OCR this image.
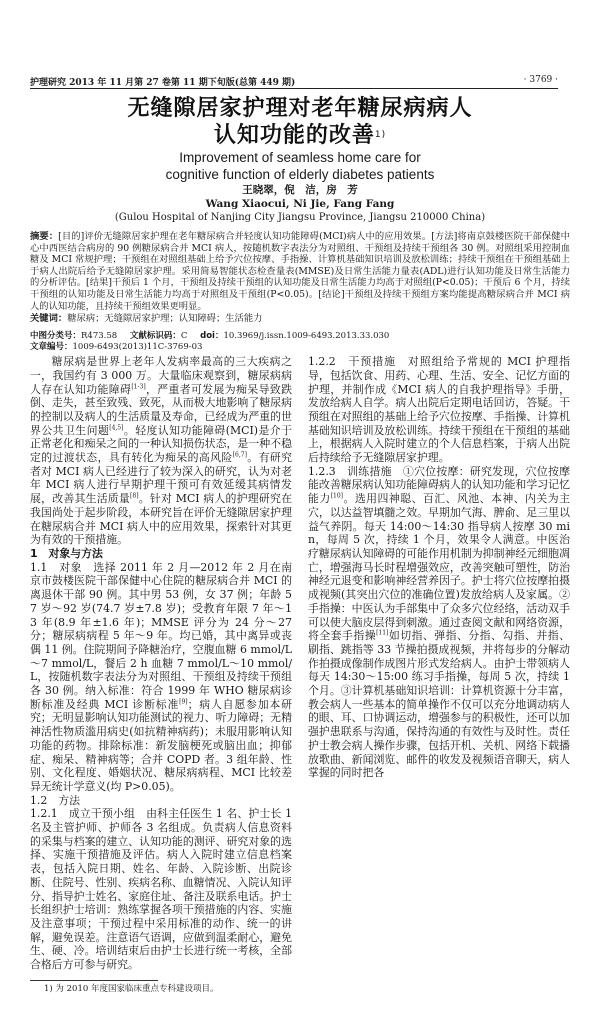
护理研究 2013 年 11 月第 27 卷第 11 期下旬版(总第 449 期)	· 3769 ·
无缝隙居家护理对老年糖尿病病人
认知功能的改善$^{1)}$
Improvement of seamless home care for
cognitive function of elderly diabetes patients
王晓翠，倪　洁，房　芳
Wang Xiaocui, Ni Jie, Fang Fang
(Gulou Hospital of Nanjing City Jiangsu Province, Jiangsu 210000 China)
摘要：[目的]评价无缝隙居家护理在老年糖尿病合并轻度认知功能障碍(MCI)病人中的应用效果。[方法]将南京鼓楼医院干部保健中心中西医结合病房的 90 例糖尿病合并 MCI 病人，按随机数字表法分为对照组、干预组及持续干预组各 30 例。对照组采用控制血糖及 MCI 常规护理；干预组在对照组基础上给予穴位按摩、手指操、计算机基础知识培训及放松训练；持续干预组在干预组基础上于病人出院后给予无缝隙居家护理。采用简易智能状态检查量表(MMSE)及日常生活能力量表(ADL)进行认知功能及日常生活能力的分析评估。[结果]干预后 1 个月，干预组及持续干预组的认知功能及日常生活能力均高于对照组(P<0.05)；干预后 6 个月，持续干预组的认知功能及日常生活能力均高于对照组及干预组(P<0.05)。[结论]干预组及持续干预组方案均能提高糖尿病合并 MCI 病人的认知功能，且持续干预组效果更明显。
关键词：糖尿病；无缝隙居家护理；认知障碍；生活能力
中图分类号：R473.58 文献标识码：C doi：10.3969/j.issn.1009-6493.2013.33.030 文章编号：1009-6493(2013)11C-3769-03

糖尿病是世界上老年人发病率最高的三大疾病之一，我国约有 3 000 万。大量临床观察到，糖尿病病人存在认知功能障碍[1-3]，严重者可发展为痴呆导致跌倒、走失，甚至致残、致死，从而极大地影响了糖尿病的控制以及病人的生活质量及寿命，已经成为严重的世界公共卫生问题[4,5]。轻度认知功能障碍(MCI)是介于正常老化和痴呆之间的一种认知损伤状态，是一种不稳定的过渡状态，具有转化为痴呆的高风险[6,7]。有研究者对 MCI 病人已经进行了较为深入的研究，认为对老年 MCI 病人进行早期护理干预可有效延缓其病情发展，改善其生活质量[8]。针对 MCI 病人的护理研究在我国尚处于起步阶段，本研究旨在评价无缝隙居家护理在糖尿病合并 MCI 病人中的应用效果，探索针对其更为有效的干预措施。

1　对象与方法

1.1　对象　选择 2011 年 2 月—2012 年 2 月在南京市鼓楼医院干部保健中心住院的糖尿病合并 MCI 的离退休干部 90 例。其中男 53 例，女 37 例；年龄 57 岁～92 岁(74.7 岁±7.8 岁)；受教育年限 7 年～13 年(8.9 年±1.6 年)；MMSE 评分为 24 分～27 分；糖尿病病程 5 年～9 年。均已婚，其中离异或丧偶 11 例。住院期间予降糖治疗，空腹血糖 6 mmol/L～7 mmol/L，餐后 2 h 血糖 7 mmol/L～10 mmol/L，按随机数字表法分为对照组、干预组及持续干预组各 30 例。纳入标准：符合 1999 年 WHO 糖尿病诊断标准及经典 MCI 诊断标准[9]；病人自愿参加本研究；无明显影响认知功能测试的视力、听力障碍；无精神活性物质滥用病史(如抗精神病药)；未服用影响认知功能的药物。排除标准：新发脑梗死或脑出血；抑郁症、痴呆、精神病等；合并 COPD 者。3 组年龄、性别、文化程度、婚姻状况、糖尿病病程、MCI 比较差异无统计学意义(均 P>0.05)。

1.2　方法

1.2.1　成立干预小组　由科主任医生 1 名、护士长 1 名及主管护师、护师各 3 名组成。负责病人信息资料的采集与档案的建立、认知功能的测评、研究对象的选择、实施干预措施及评估。病人入院时建立信息档案表，包括入院日期、姓名、年龄、入院诊断、出院诊断、住院号、性别、疾病名称、血糖情况、入院认知评分、指导护士姓名、家庭住址、备注及联系电话。护士长组织护士培训：熟练掌握各项干预措施的内容、实施及注意事项；干预过程中采用标准的动作、统一的讲解，避免误差。注意语气语调，应做到温柔耐心，避免生、硬、冷。培训结束后由护士长进行统一考核，全部合格后方可参与研究。

1.2.2　干预措施　对照组给予常规的 MCI 护理指导，包括饮食、用药、心理、生活、安全、记忆方面的护理，并制作成《MCI 病人的自我护理指导》手册，发放给病人自学。病人出院后定期电话回访，答疑。干预组在对照组的基础上给予穴位按摩、手指操、计算机基础知识培训及放松训练。持续干预组在干预组的基础上，根据病人入院时建立的个人信息档案，于病人出院后持续给予无缝隙居家护理。

1.2.3　训练措施　①穴位按摩：研究发现，穴位按摩能改善糖尿病认知功能障碍病人的认知功能和学习记忆能力[10]。选用四神聪、百汇、风池、本神、内关为主穴，以达益智填髓之效。早期加气海、脾俞、足三里以益气养阴。每天 14:00～14:30 指导病人按摩 30 min，每周 5 次，持续 1 个月，效果令人满意。中医治疗糖尿病认知障碍的可能作用机制为抑制神经元细胞凋亡，增强海马长时程增强效应，改善突触可塑性，防治神经元退变和影响神经营养因子。护士将穴位按摩拍摄成视频(其突出穴位的准确位置)发放给病人及家属。②手指操：中医认为手部集中了众多穴位经络，活动双手可以使大脑皮层得到刺激。通过查阅文献和网络资源，将全套手指操[11]如切指、弹指、分指、勾指、并指、刷指、跳指等 33 节操拍摄成视频，并将每步的分解动作拍摄成像制作成图片形式发给病人。由护士带领病人每天 14:30～15:00 练习手指操，每周 5 次，持续 1 个月。③计算机基础知识培训：计算机资源十分丰富，教会病人一些基本的简单操作不仅可以充分地调动病人的眼、耳、口协调运动，增强参与的积极性，还可以加强护患联系与沟通，保持沟通的有效性与及时性。责任护士教会病人操作步骤，包括开机、关机、网络下载播放歌曲、新闻浏览、邮件的收发及视频语音聊天，病人掌握的同时把各

1) 为 2010 年度国家临床重点专科建设项目。
